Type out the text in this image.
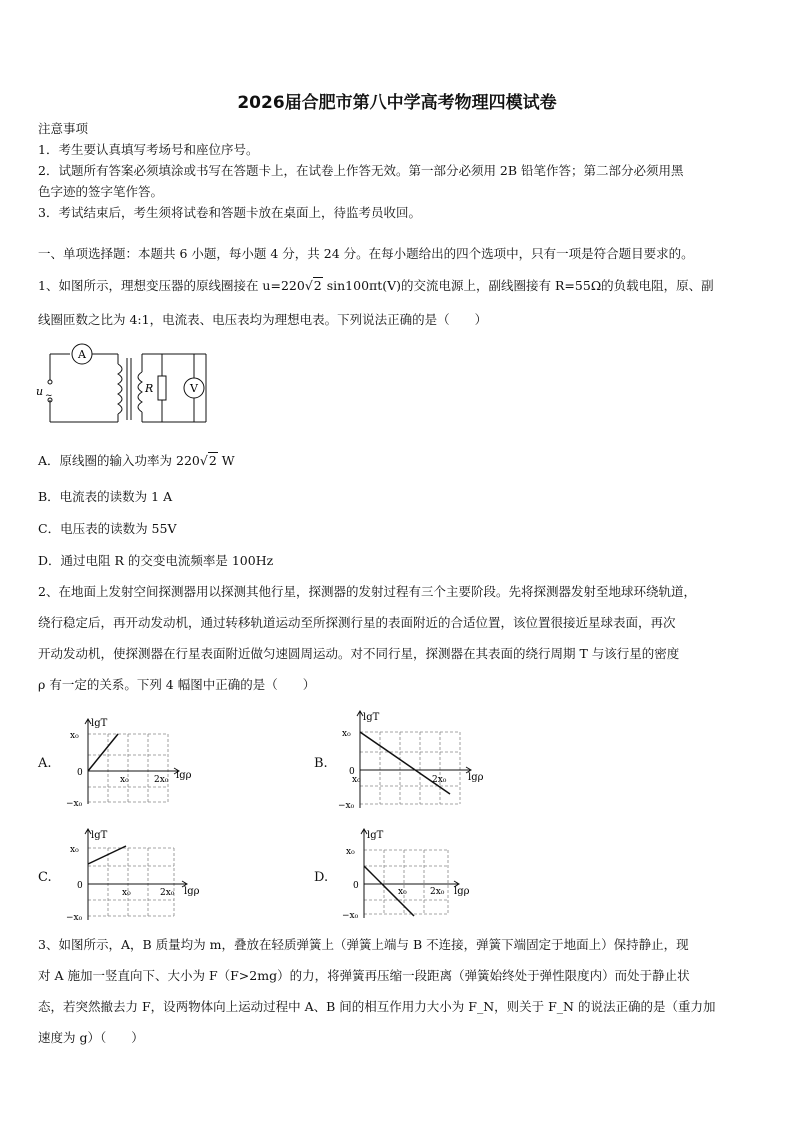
2026届合肥市第八中学高考物理四模试卷
注意事项
1．考生要认真填写考场号和座位序号。
2．试题所有答案必须填涂或书写在答题卡上，在试卷上作答无效。第一部分必须用 2B 铅笔作答；第二部分必须用黑
色字迹的签字笔作答。
3．考试结束后，考生须将试卷和答题卡放在桌面上，待监考员收回。
一、单项选择题：本题共 6 小题，每小题 4 分，共 24 分。在每小题给出的四个选项中，只有一项是符合题目要求的。
1、如图所示，理想变压器的原线圈接在 u=220√2 sin100πt(V)的交流电源上，副线圈接有 R=55Ω的负载电阻，原、副
线圈匝数之比为 4:1，电流表、电压表均为理想电表。下列说法正确的是（　　）
A
V
R
u ~
A．原线圈的输入功率为 220√2 W
B．电流表的读数为 1 A
C．电压表的读数为 55V
D．通过电阻 R 的交变电流频率是 100Hz
2、在地面上发射空间探测器用以探测其他行星，探测器的发射过程有三个主要阶段。先将探测器发射至地球环绕轨道，
绕行稳定后，再开动发动机，通过转移轨道运动至所探测行星的表面附近的合适位置，该位置很接近星球表面，再次
开动发动机，使探测器在行星表面附近做匀速圆周运动。对不同行星，探测器在其表面的绕行周期 T 与该行星的密度
ρ 有一定的关系。下列 4 幅图中正确的是（　　）
A.
lgT
lgρ
x₀
0
−x₀
x₀	2x₀
B.
lgT
lgρ
x₀
0
−x₀
x₀	2x₀
C.
lgT
lgρ
x₀
0
−x₀
x₀	2x₀
D.
lgT
lgρ
x₀
0
−x₀
x₀	2x₀
3、如图所示，A，B 质量均为 m，叠放在轻质弹簧上（弹簧上端与 B 不连接，弹簧下端固定于地面上）保持静止，现
对 A 施加一竖直向下、大小为 F（F>2mg）的力，将弹簧再压缩一段距离（弹簧始终处于弹性限度内）而处于静止状
态，若突然撤去力 F，设两物体向上运动过程中 A、B 间的相互作用力大小为 F_N，则关于 F_N 的说法正确的是（重力加
速度为 g）（　　）
